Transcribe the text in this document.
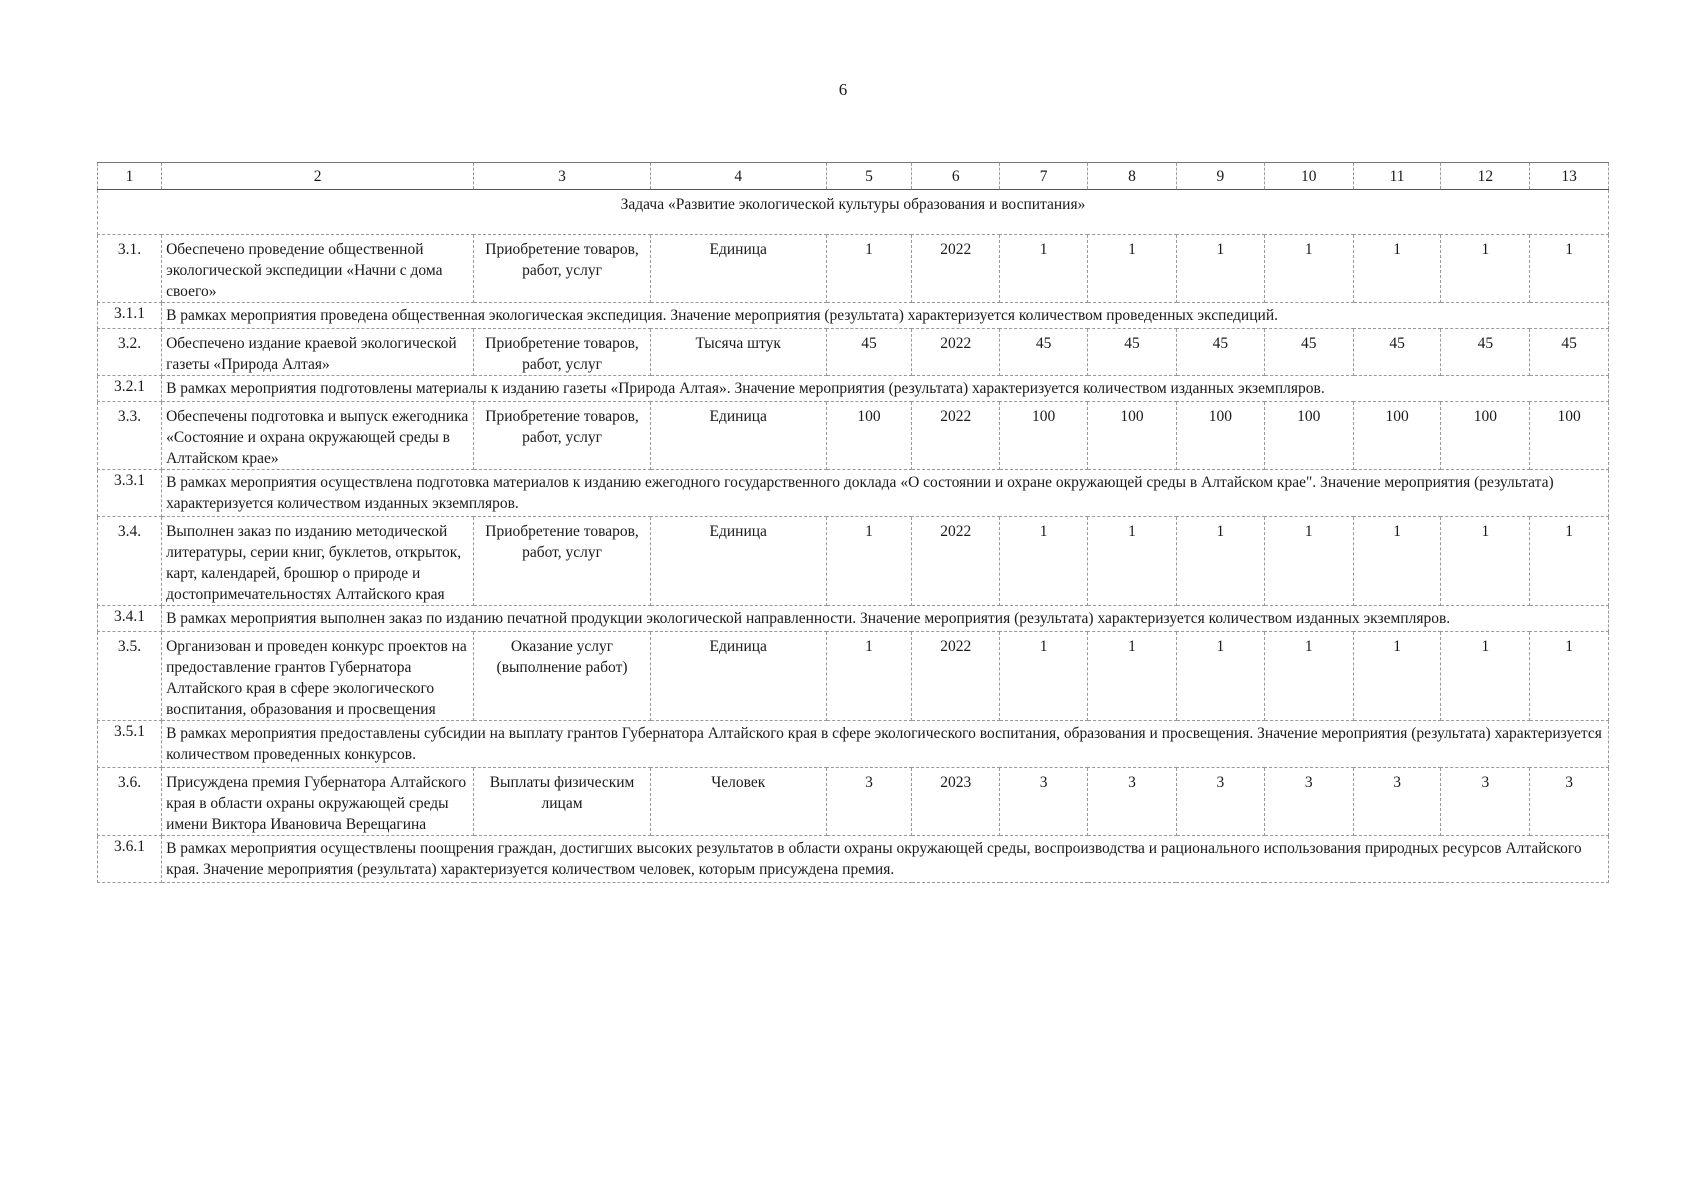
6
1	2	3	4	5	6	7	8	9	10	11	12	13
Задача «Развитие экологической культуры образования и воспитания»												
3.1.	Обеспечено проведение общественной экологической экспедиции «Начни с дома своего»	Приобретение товаров, работ, услуг	Единица	1	2022	1	1	1	1	1	1	1
3.1.1	В рамках мероприятия проведена общественная экологическая экспедиция. Значение мероприятия (результата) характеризуется количеством проведенных экспедиций.											
3.2.	Обеспечено издание краевой экологической газеты «Природа Алтая»	Приобретение товаров, работ, услуг	Тысяча штук	45	2022	45	45	45	45	45	45	45
3.2.1	В рамках мероприятия подготовлены материалы к изданию газеты «Природа Алтая». Значение мероприятия (результата) характеризуется количеством изданных экземпляров.											
3.3.	Обеспечены подготовка и выпуск ежегодника «Состояние и охрана окружающей среды в Алтайском крае»	Приобретение товаров, работ, услуг	Единица	100	2022	100	100	100	100	100	100	100
3.3.1	В рамках мероприятия осуществлена подготовка материалов к изданию ежегодного государственного доклада «О состоянии и охране окружающей среды в Алтайском крае". Значение мероприятия (результата) характеризуется количеством изданных экземпляров.											
3.4.	Выполнен заказ по изданию методической литературы, серии книг, буклетов, открыток, карт, календарей, брошюр о природе и достопримечательностях Алтайского края	Приобретение товаров, работ, услуг	Единица	1	2022	1	1	1	1	1	1	1
3.4.1	В рамках мероприятия выполнен заказ по изданию печатной продукции экологической направленности. Значение мероприятия (результата) характеризуется количеством изданных экземпляров.											
3.5.	Организован и проведен конкурс проектов на предоставление грантов Губернатора Алтайского края в сфере экологического воспитания, образования и просвещения	Оказание услуг (выполнение работ)	Единица	1	2022	1	1	1	1	1	1	1
3.5.1	В рамках мероприятия предоставлены субсидии на выплату грантов Губернатора Алтайского края в сфере экологического воспитания, образования и просвещения. Значение мероприятия (результата) характеризуется количеством проведенных конкурсов.											
3.6.	Присуждена премия Губернатора Алтайского края в области охраны окружающей среды имени Виктора Ивановича Верещагина	Выплаты физическим лицам	Человек	3	2023	3	3	3	3	3	3	3
3.6.1	В рамках мероприятия осуществлены поощрения граждан, достигших высоких результатов в области охраны окружающей среды, воспроизводства и рационального использования природных ресурсов Алтайского края. Значение мероприятия (результата) характеризуется количеством человек, которым присуждена премия.											
